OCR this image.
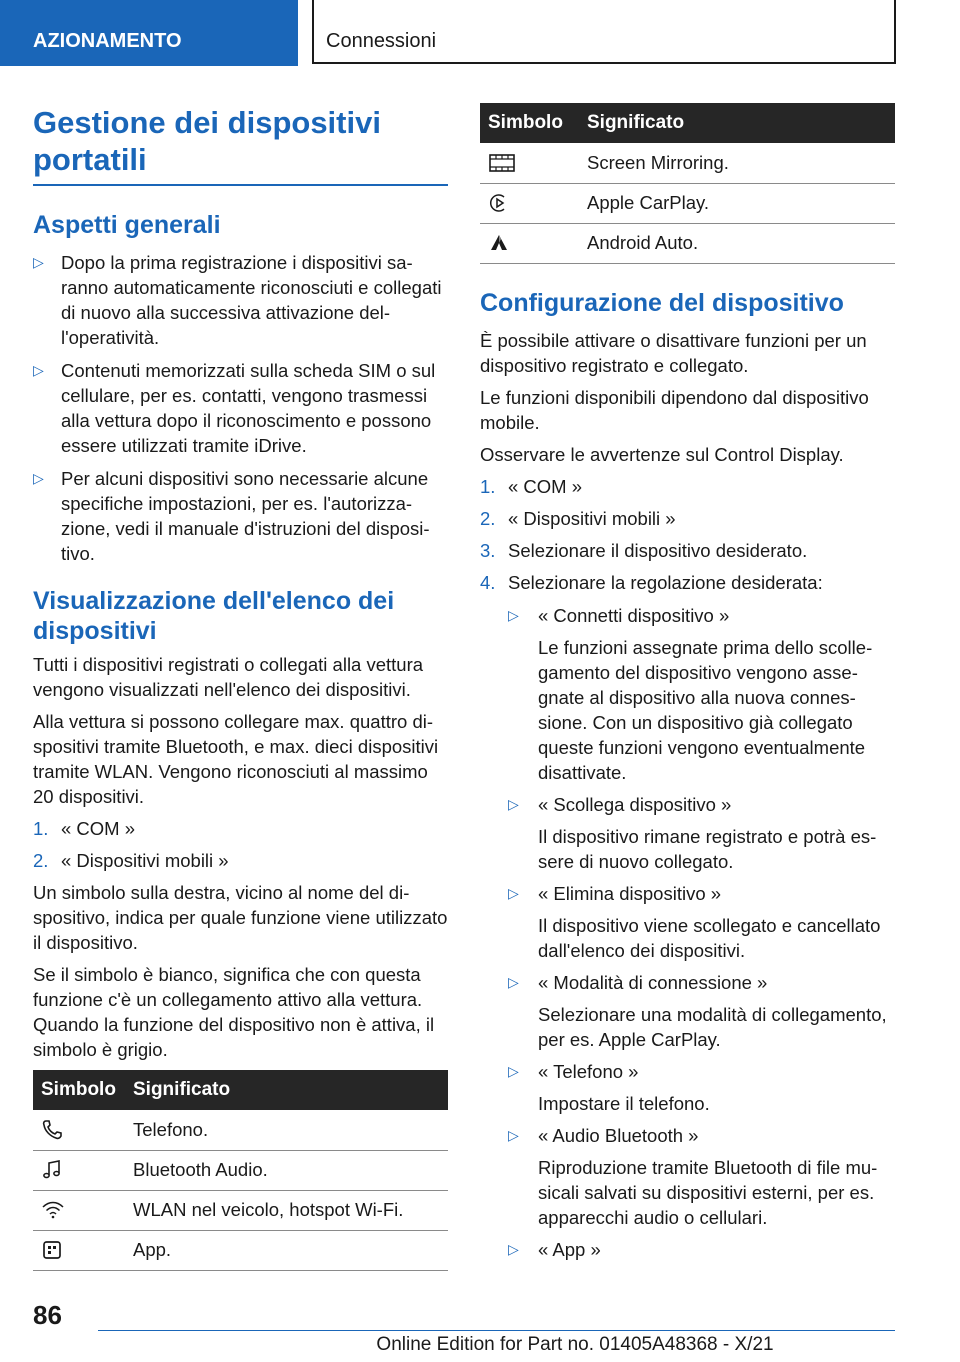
AZIONAMENTO	Connessioni
Gestione dei dispositivi portatili
Aspetti generali
▷ Dopo la prima registrazione i dispositivi saranno automaticamente riconosciuti e collegati di nuovo alla successiva attivazione dell'operatività.
▷ Contenuti memorizzati sulla scheda SIM o sul cellulare, per es. contatti, vengono trasmessi alla vettura dopo il riconoscimento e possono essere utilizzati tramite iDrive.
▷ Per alcuni dispositivi sono necessarie alcune specifiche impostazioni, per es. l'autorizzazione, vedi il manuale d'istruzioni del dispositivo.
Visualizzazione dell'elenco dei dispositivi

Tutti i dispositivi registrati o collegati alla vettura vengono visualizzati nell'elenco dei dispositivi.

Alla vettura si possono collegare max. quattro dispositivi tramite Bluetooth, e max. dieci dispositivi tramite WLAN. Vengono riconosciuti al massimo 20 dispositivi.

1. « COM »
2. « Dispositivi mobili »

Un simbolo sulla destra, vicino al nome del dispositivo, indica per quale funzione viene utilizzato il dispositivo.

Se il simbolo è bianco, significa che con questa funzione c'è un collegamento attivo alla vettura. Quando la funzione del dispositivo non è attiva, il simbolo è grigio.

Simbolo	Significato

	Telefono.

	Bluetooth Audio.

	WLAN nel veicolo, hotspot Wi-Fi.

	App.
Simbolo	Significato

	Screen Mirroring.

	Apple CarPlay.

	Android Auto.
Configurazione del dispositivo

È possibile attivare o disattivare funzioni per un dispositivo registrato e collegato.

Le funzioni disponibili dipendono dal dispositivo mobile.

Osservare le avvertenze sul Control Display.

1. « COM »
2. « Dispositivi mobili »
3. Selezionare il dispositivo desiderato.
4. Selezionare la regolazione desiderata:
▷ « Connetti dispositivo »
Le funzioni assegnate prima dello scollegamento del dispositivo vengono assegnate al dispositivo alla nuova connessione. Con un dispositivo già collegato queste funzioni vengono eventualmente disattivate.
▷ « Scollega dispositivo »
Il dispositivo rimane registrato e potrà essere di nuovo collegato.
▷ « Elimina dispositivo »
Il dispositivo viene scollegato e cancellato dall'elenco dei dispositivi.
▷ « Modalità di connessione »
Selezionare una modalità di collegamento, per es. Apple CarPlay.
▷ « Telefono »
Impostare il telefono.
▷ « Audio Bluetooth »
Riproduzione tramite Bluetooth di file musicali salvati su dispositivi esterni, per es. apparecchi audio o cellulari.
▷ « App »
86
Online Edition for Part no. 01405A48368 - X/21
